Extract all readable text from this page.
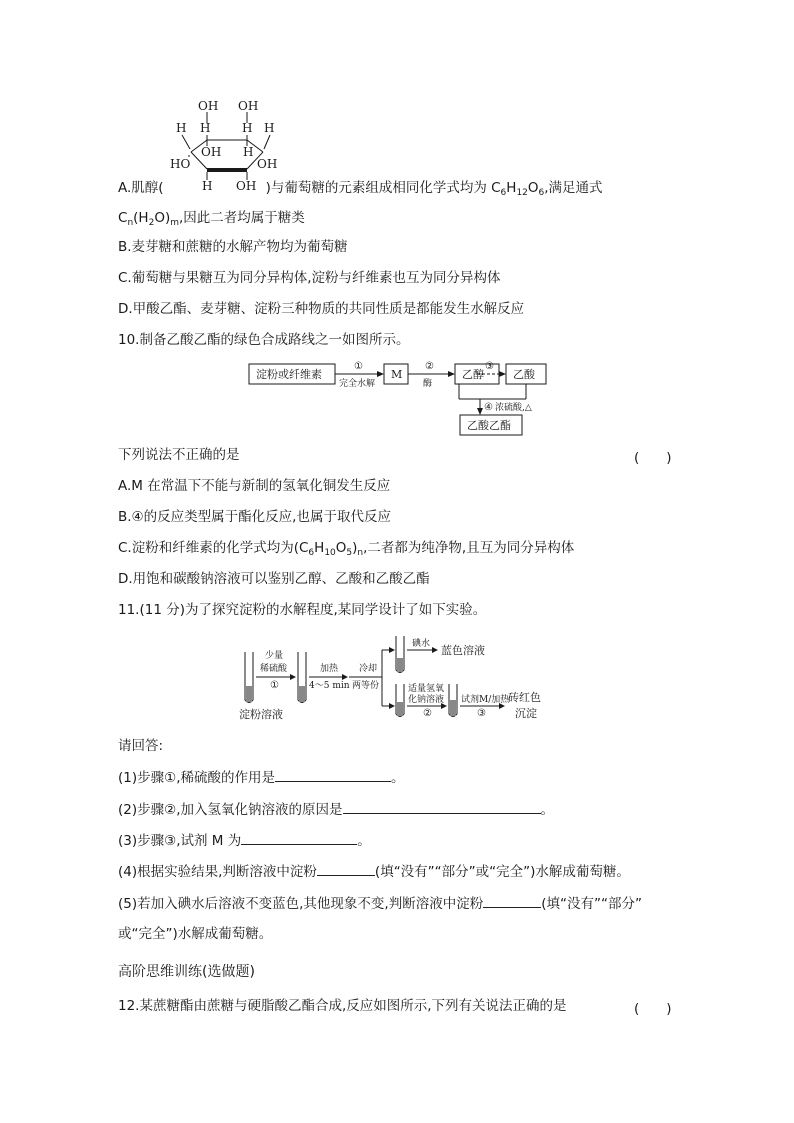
OH OH
H H	H H
OH H
HO	OH
H OH
A.肌醇(	)与葡萄糖的元素组成相同化学式均为 $C_6H_{12}O_6$,满足通式
$C_n(H_2O)_m$,因此二者均属于糖类
B.麦芽糖和蔗糖的水解产物均为葡萄糖
C.葡萄糖与果糖互为同分异构体,淀粉与纤维素也互为同分异构体
D.甲酸乙酯、麦芽糖、淀粉三种物质的共同性质是都能发生水解反应
10.制备乙酸乙酯的绿色合成路线之一如图所示。
淀粉或纤维素
①
完全水解
M
②
酶
乙醇
③
乙酸
④ 浓硫酸,△
乙酸乙酯
下列说法不正确的是	(　　)
A.M 在常温下不能与新制的氢氧化铜发生反应
B.④的反应类型属于酯化反应,也属于取代反应
C.淀粉和纤维素的化学式均为$(C_6H_{10}O_5)_n$,二者都为纯净物,且互为同分异构体
D.用饱和碳酸钠溶液可以鉴别乙醇、乙酸和乙酸乙酯
11.(11 分)为了探究淀粉的水解程度,某同学设计了如下实验。
少量
稀硫酸
①
加热
4～5 min
冷却
两等份
碘水 蓝色溶液
适量氢氧
化钠溶液
②
试剂M/加热
③
砖红色
沉淀
淀粉溶液
请回答:
(1)步骤①,稀硫酸的作用是	。
(2)步骤②,加入氢氧化钠溶液的原因是	。
(3)步骤③,试剂 M 为	。
(4)根据实验结果,判断溶液中淀粉	(填“没有”“部分”或“完全”)水解成葡萄糖。
(5)若加入碘水后溶液不变蓝色,其他现象不变,判断溶液中淀粉	(填“没有”“部分”
或“完全”)水解成葡萄糖。
高阶思维训练(选做题)
12.某蔗糖酯由蔗糖与硬脂酸乙酯合成,反应如图所示,下列有关说法正确的是	(　　)
